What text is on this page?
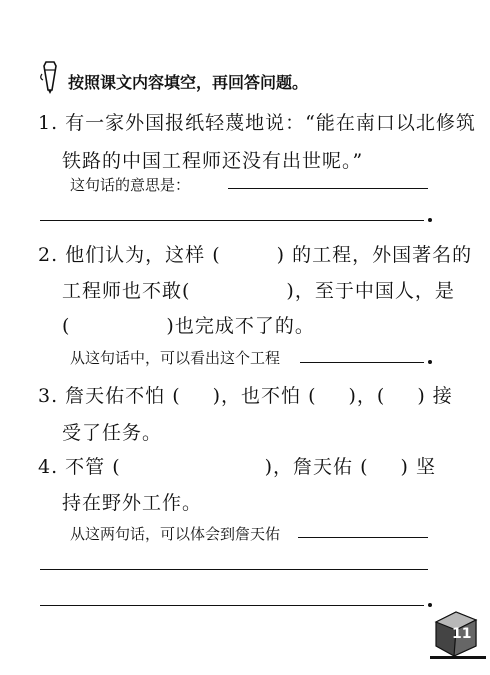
按照课文内容填空，再回答问题。
1. 有一家外国报纸轻蔑地说：“能在南口以北修筑
铁路的中国工程师还没有出世呢。”
这句话的意思是：
2. 他们认为，这样 (	) 的工程，外国著名的
工程师也不敢(	)，至于中国人，是
(	)也完成不了的。
从这句话中，可以看出这个工程
3. 詹天佑不怕 ( )，也不怕 ( )，( ) 接
受了任务。
4. 不管 (	)，詹天佑 ( ) 坚
持在野外工作。
从这两句话，可以体会到詹天佑
11
